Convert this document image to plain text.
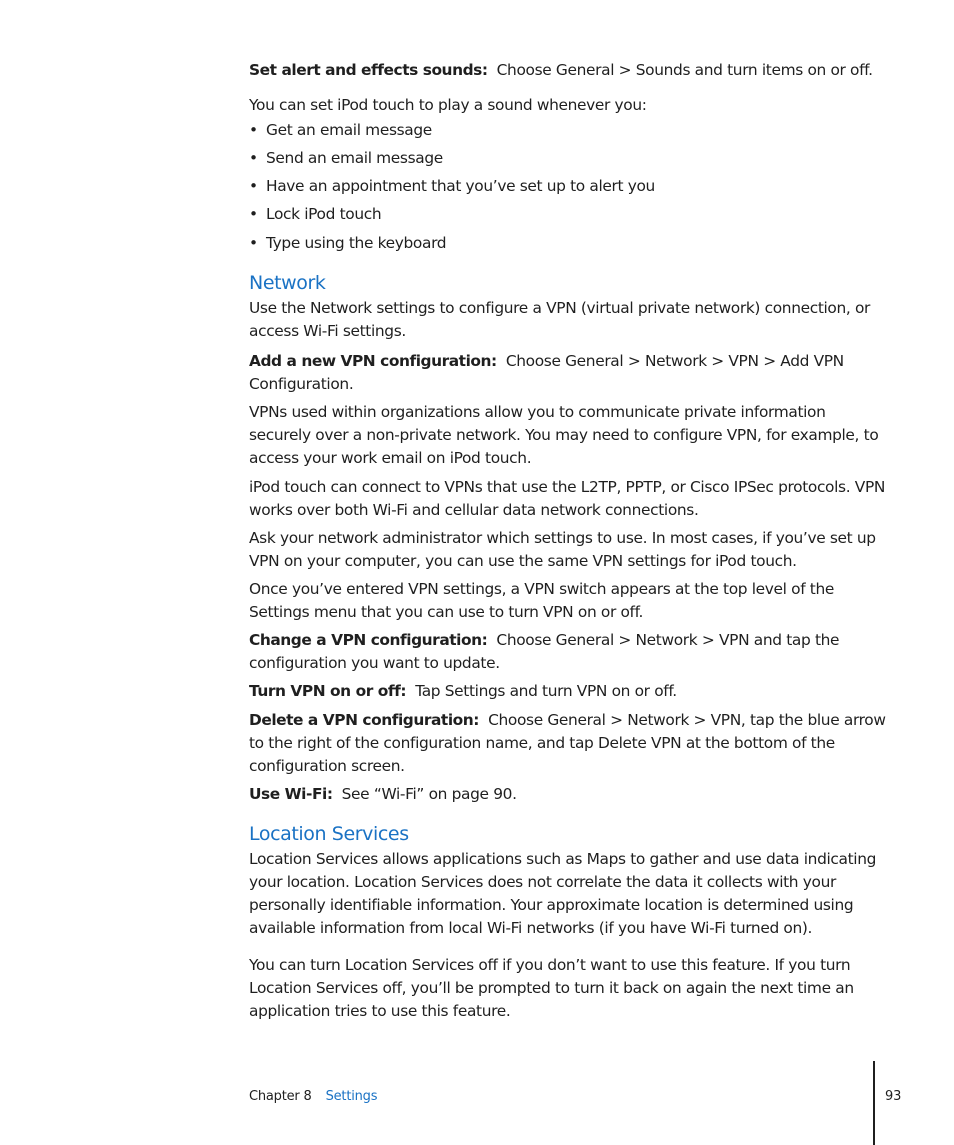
Set alert and effects sounds: Choose General > Sounds and turn items on or off.

You can set iPod touch to play a sound whenever you:

• Get an email message

• Send an email message

• Have an appointment that you’ve set up to alert you

• Lock iPod touch

• Type using the keyboard

Network

Use the Network settings to configure a VPN (virtual private network) connection, or

access Wi-Fi settings.

Add a new VPN configuration: Choose General > Network > VPN > Add VPN

Configuration.

VPNs used within organizations allow you to communicate private information

securely over a non-private network. You may need to configure VPN, for example, to

access your work email on iPod touch.

iPod touch can connect to VPNs that use the L2TP, PPTP, or Cisco IPSec protocols. VPN

works over both Wi-Fi and cellular data network connections.

Ask your network administrator which settings to use. In most cases, if you’ve set up

VPN on your computer, you can use the same VPN settings for iPod touch.

Once you’ve entered VPN settings, a VPN switch appears at the top level of the

Settings menu that you can use to turn VPN on or off.

Change a VPN configuration: Choose General > Network > VPN and tap the

configuration you want to update.

Turn VPN on or off: Tap Settings and turn VPN on or off.

Delete a VPN configuration: Choose General > Network > VPN, tap the blue arrow

to the right of the configuration name, and tap Delete VPN at the bottom of the

configuration screen.

Use Wi-Fi: See “Wi-Fi” on page 90.

Location Services

Location Services allows applications such as Maps to gather and use data indicating

your location. Location Services does not correlate the data it collects with your

personally identifiable information. Your approximate location is determined using

available information from local Wi-Fi networks (if you have Wi-Fi turned on).

You can turn Location Services off if you don’t want to use this feature. If you turn

Location Services off, you’ll be prompted to turn it back on again the next time an

application tries to use this feature.

Chapter 8 Settings	93
